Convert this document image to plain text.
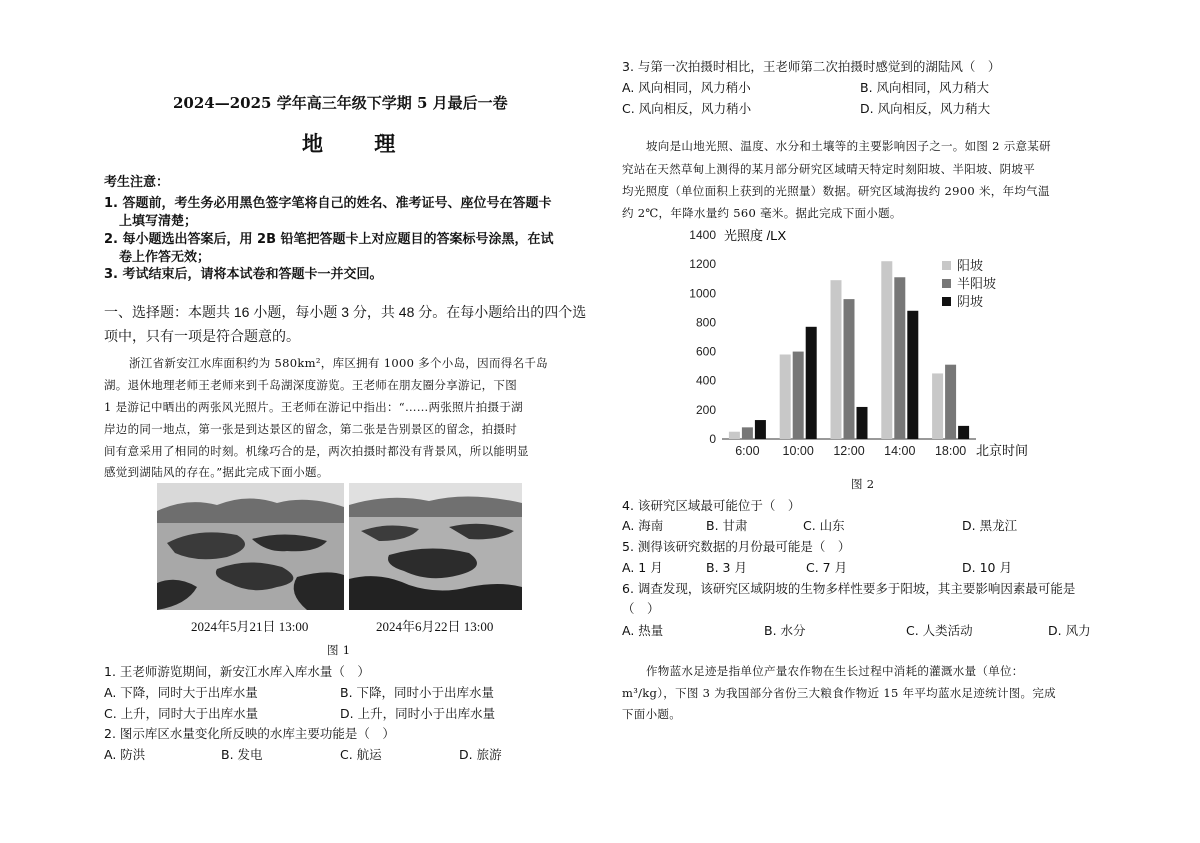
2024—2025 学年高三年级下学期 5 月最后一卷
地 理
考生注意：
1. 答题前，考生务必用黑色签字笔将自己的姓名、准考证号、座位号在答题卡
上填写清楚；
2. 每小题选出答案后，用 2B 铅笔把答题卡上对应题目的答案标号涂黑，在试
卷上作答无效；
3. 考试结束后，请将本试卷和答题卡一并交回。
一、选择题：本题共 16 小题，每小题 3 分，共 48 分。在每小题给出的四个选
项中，只有一项是符合题意的。
浙江省新安江水库面积约为 580km²，库区拥有 1000 多个小岛，因而得名千岛
湖。退休地理老师王老师来到千岛湖深度游览。王老师在朋友圈分享游记，下图
1 是游记中晒出的两张风光照片。王老师在游记中指出：“……两张照片拍摄于湖
岸边的同一地点，第一张是到达景区的留念，第二张是告别景区的留念，拍摄时
间有意采用了相同的时刻。机缘巧合的是，两次拍摄时都没有背景风，所以能明显
感觉到湖陆风的存在。”据此完成下面小题。
2024年5月21日 13:00	2024年6月22日 13:00
图 1
1. 王老师游览期间，新安江水库入库水量（　）
A. 下降，同时大于出库水量	B. 下降，同时小于出库水量
C. 上升，同时大于出库水量	D. 上升，同时小于出库水量
2. 图示库区水量变化所反映的水库主要功能是（　）
A. 防洪	B. 发电	C. 航运	D. 旅游
3. 与第一次拍摄时相比，王老师第二次拍摄时感觉到的湖陆风（　）
A. 风向相同，风力稍小	B. 风向相同，风力稍大
C. 风向相反，风力稍小	D. 风向相反，风力稍大
坡向是山地光照、温度、水分和土壤等的主要影响因子之一。如图 2 示意某研
究站在天然草甸上测得的某月部分研究区域晴天特定时刻阳坡、半阳坡、阴坡平
均光照度（单位面积上获到的光照量）数据。研究区域海拔约 2900 米，年均气温
约 2℃，年降水量约 560 毫米。据此完成下面小题。
0
200
400
600
800
1000
1200
1400
6:00 10:00 12:00 14:00 18:00
阳坡
半阳坡
阴坡
光照度 /LX
北京时间
图 2
4. 该研究区域最可能位于（　）
A. 海南	B. 甘肃	C. 山东	D. 黑龙江
5. 测得该研究数据的月份最可能是（　）
A. 1 月	B. 3 月	C. 7 月	D. 10 月
6. 调查发现，该研究区域阴坡的生物多样性要多于阳坡，其主要影响因素最可能是
（　）
A. 热量	B. 水分	C. 人类活动	D. 风力
作物蓝水足迹是指单位产量农作物在生长过程中消耗的灌溉水量（单位：
m³/kg），下图 3 为我国部分省份三大粮食作物近 15 年平均蓝水足迹统计图。完成
下面小题。
